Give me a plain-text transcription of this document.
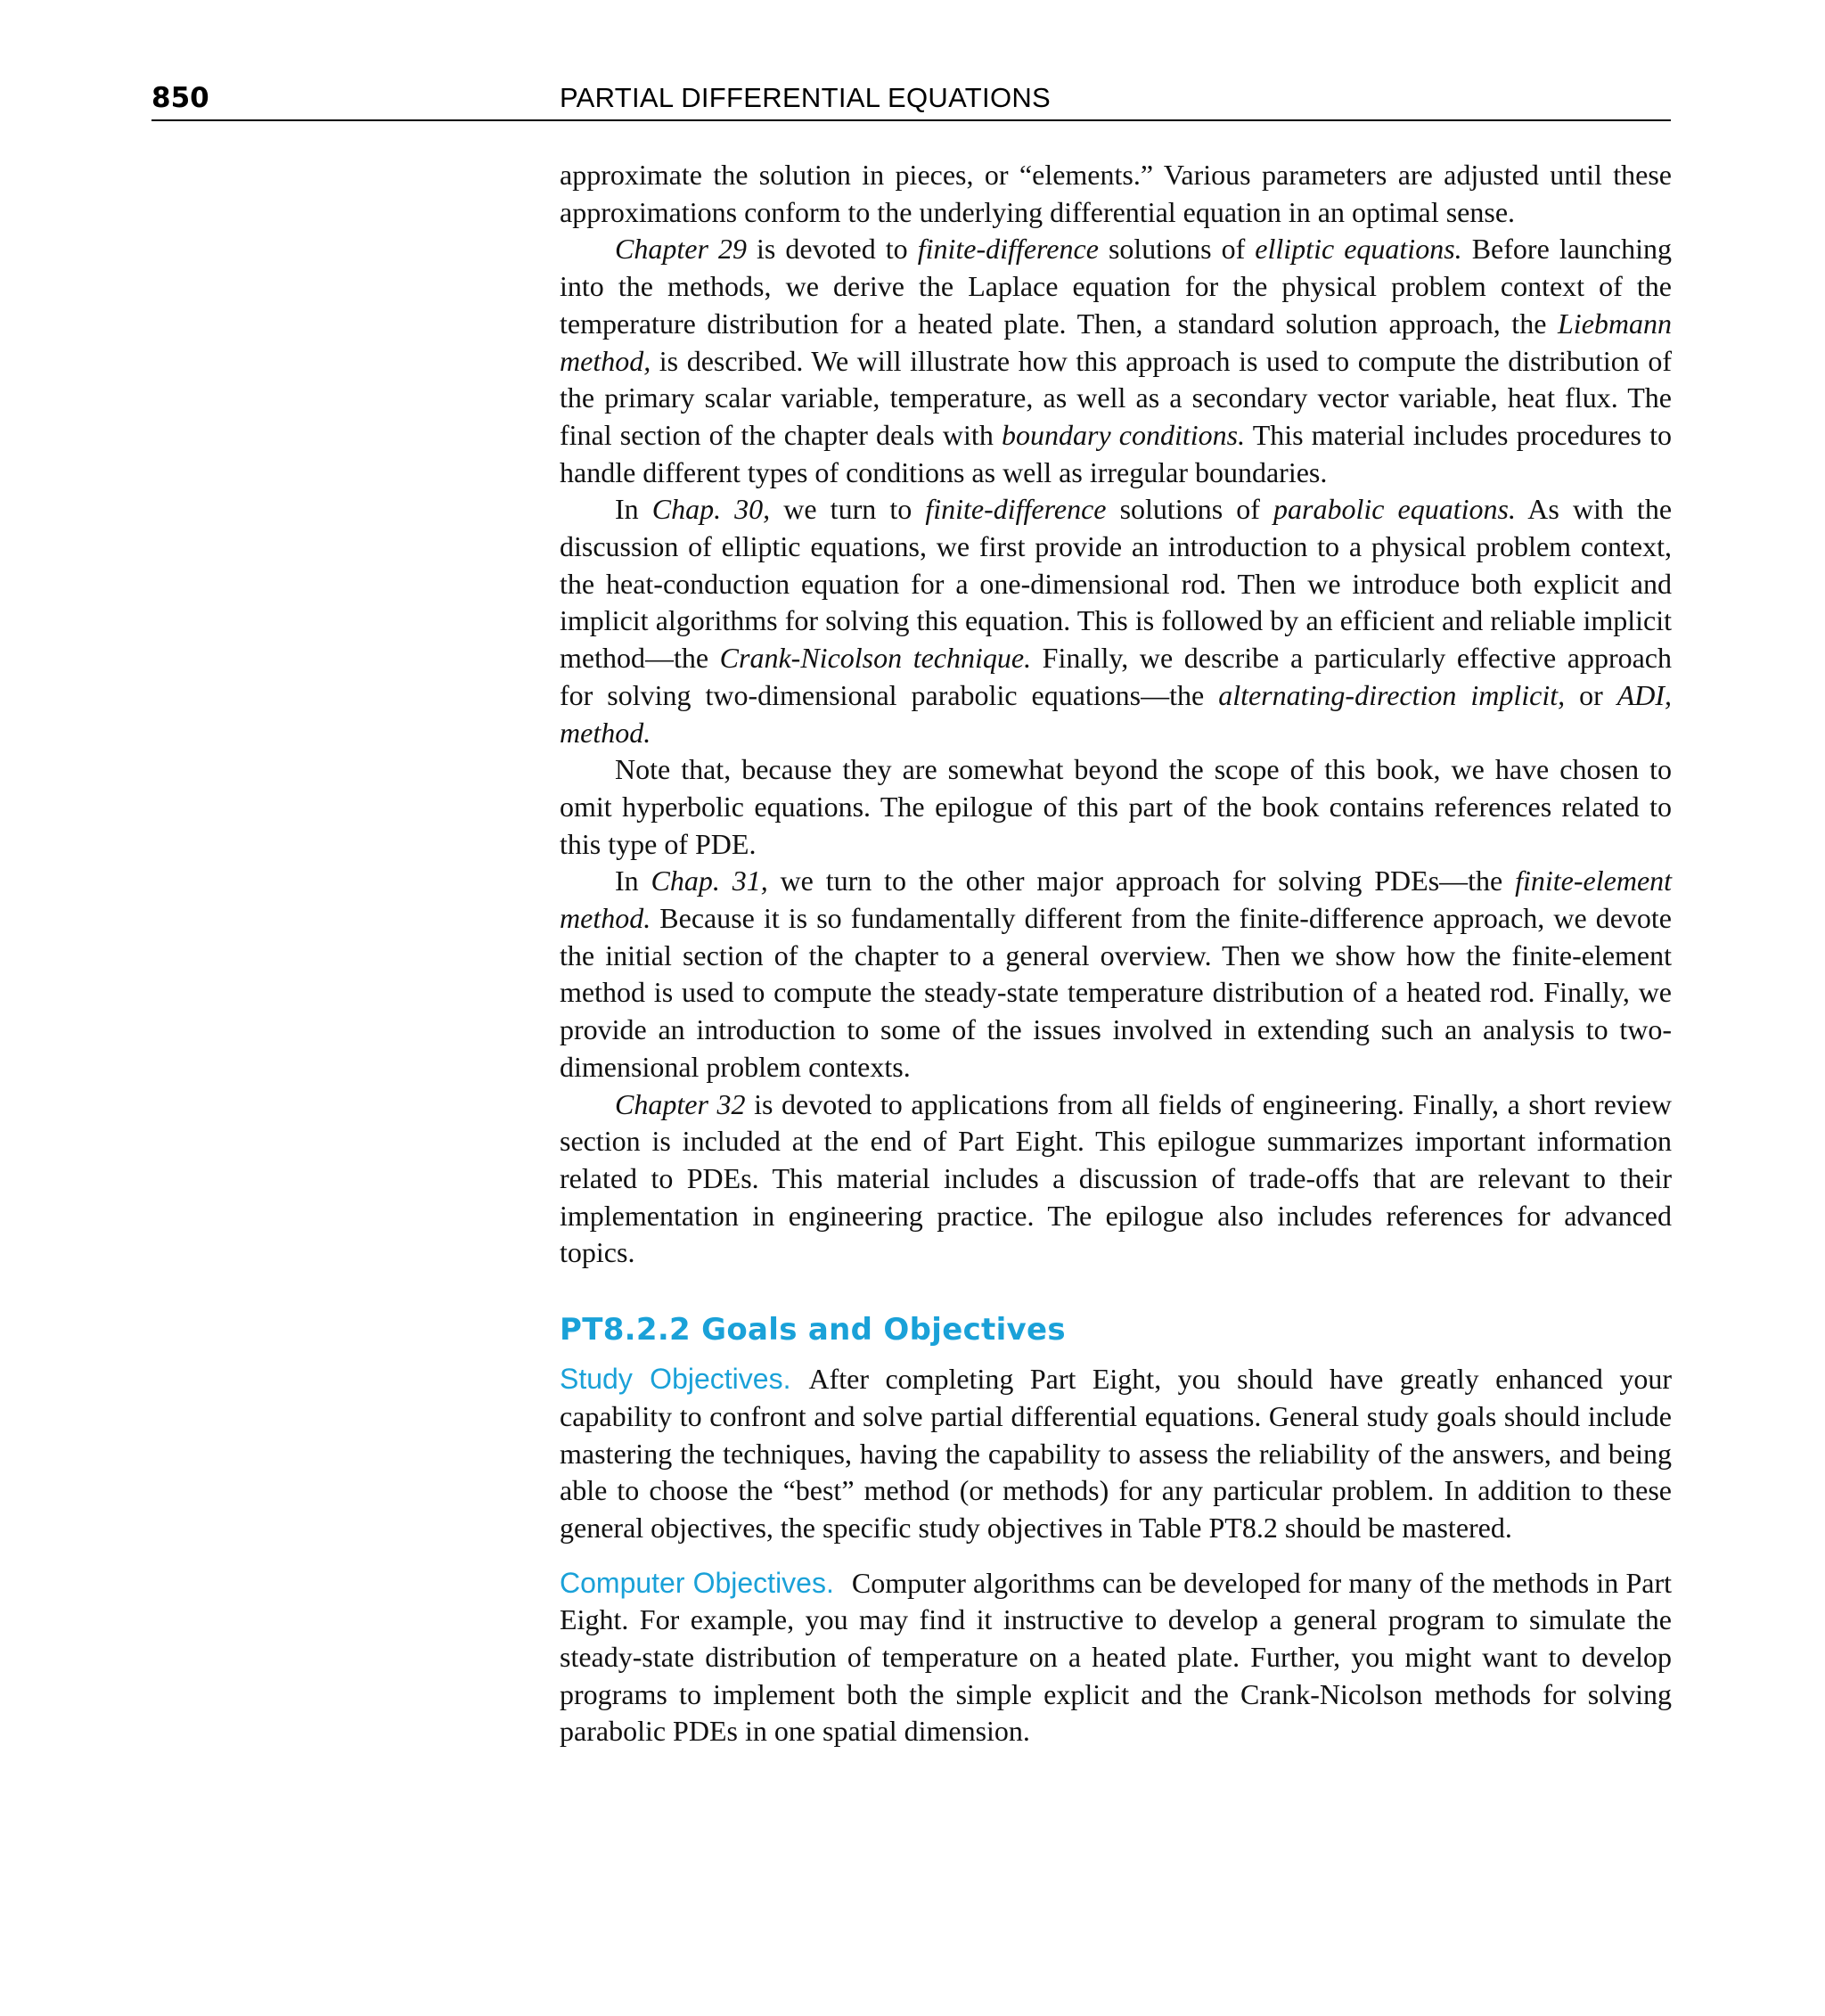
850	PARTIAL DIFFERENTIAL EQUATIONS

approximate the solution in pieces, or “elements.” Various parameters are adjusted until these approximations conform to the underlying differential equation in an optimal sense.

Chapter 29 is devoted to finite-difference solutions of elliptic equations. Before launching into the methods, we derive the Laplace equation for the physical problem context of the temperature distribution for a heated plate. Then, a standard solution approach, the Liebmann method, is described. We will illustrate how this approach is used to compute the distribution of the primary scalar variable, temperature, as well as a secondary vector variable, heat flux. The final section of the chapter deals with boundary conditions. This material includes procedures to handle different types of conditions as well as irregular boundaries.

In Chap. 30, we turn to finite-difference solutions of parabolic equations. As with the discussion of elliptic equations, we first provide an introduction to a physical problem context, the heat-conduction equation for a one-dimensional rod. Then we introduce both explicit and implicit algorithms for solving this equation. This is followed by an efficient and reliable implicit method—the Crank-Nicolson technique. Finally, we describe a particularly effective approach for solving two-dimensional parabolic equations—the alternating-direction implicit, or ADI, method.

Note that, because they are somewhat beyond the scope of this book, we have chosen to omit hyperbolic equations. The epilogue of this part of the book contains references related to this type of PDE.

In Chap. 31, we turn to the other major approach for solving PDEs—the finite-element method. Because it is so fundamentally different from the finite-difference approach, we devote the initial section of the chapter to a general overview. Then we show how the finite-element method is used to compute the steady-state temperature distribution of a heated rod. Finally, we provide an introduction to some of the issues involved in extending such an analysis to two-dimensional problem contexts.

Chapter 32 is devoted to applications from all fields of engineering. Finally, a short review section is included at the end of Part Eight. This epilogue summarizes important information related to PDEs. This material includes a discussion of trade-offs that are relevant to their implementation in engineering practice. The epilogue also includes references for advanced topics.

PT8.2.2 Goals and Objectives

Study Objectives. After completing Part Eight, you should have greatly enhanced your capability to confront and solve partial differential equations. General study goals should include mastering the techniques, having the capability to assess the reliability of the answers, and being able to choose the “best” method (or methods) for any particular problem. In addition to these general objectives, the specific study objectives in Table PT8.2 should be mastered.

Computer Objectives. Computer algorithms can be developed for many of the methods in Part Eight. For example, you may find it instructive to develop a general program to simulate the steady-state distribution of temperature on a heated plate. Further, you might want to develop programs to implement both the simple explicit and the Crank-Nicolson methods for solving parabolic PDEs in one spatial dimension.
